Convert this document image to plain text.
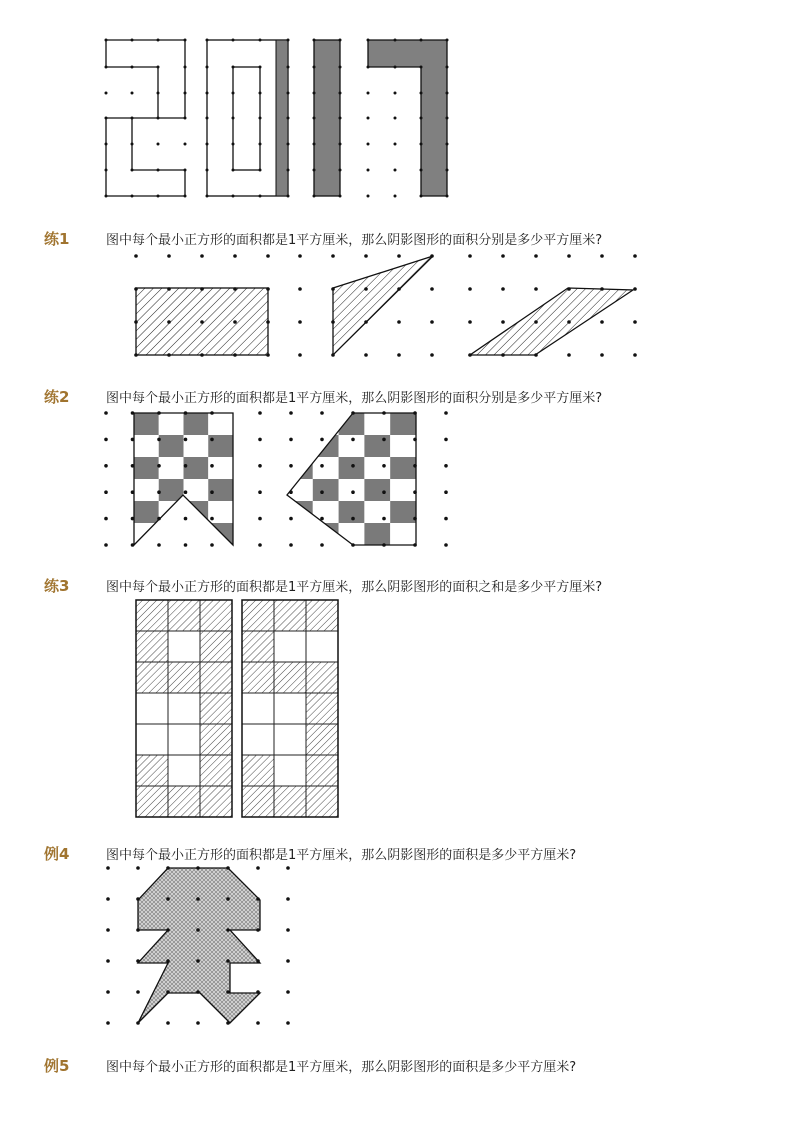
练1	图中每个最小正方形的面积都是1平方厘米，那么阴影图形的面积分别是多少平方厘米?
练2	图中每个最小正方形的面积都是1平方厘米，那么阴影图形的面积分别是多少平方厘米?
练3	图中每个最小正方形的面积都是1平方厘米，那么阴影图形的面积之和是多少平方厘米?
例4	图中每个最小正方形的面积都是1平方厘米，那么阴影图形的面积是多少平方厘米?
例5	图中每个最小正方形的面积都是1平方厘米，那么阴影图形的面积是多少平方厘米?
